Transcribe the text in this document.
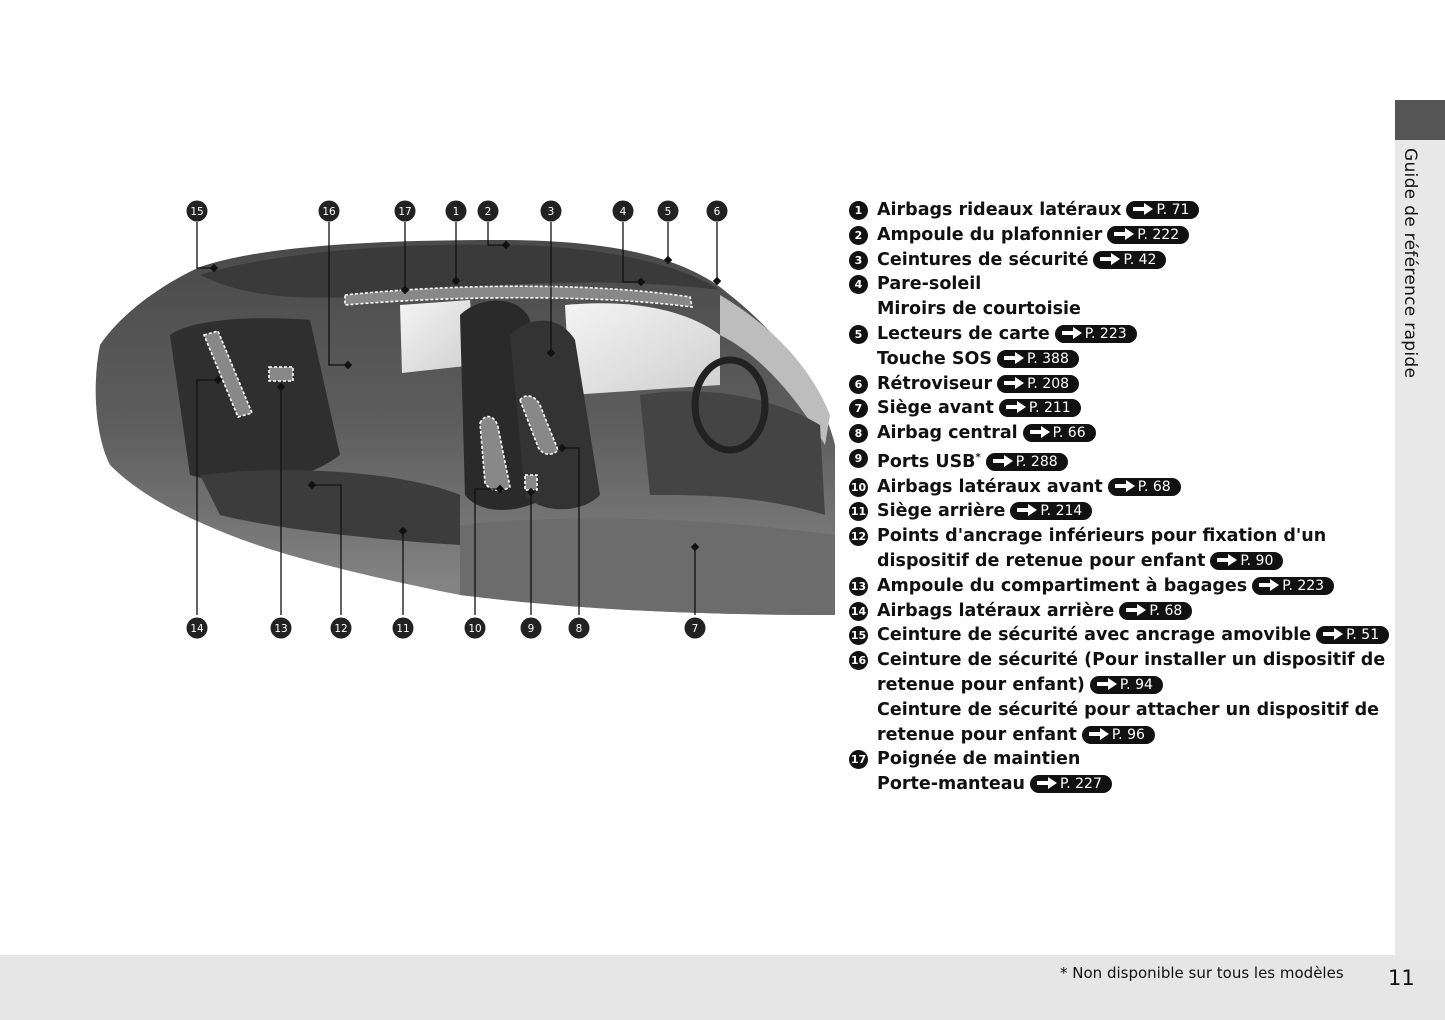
Guide de référence rapide
15	16	17	1 2	3	4	5	6
14	13	12	11	10	9	8	7
1 Airbags rideaux latéraux	P. 71
2 Ampoule du plafonnier	P. 222
3 Ceintures de sécurité	P. 42
4 Pare-soleil
Miroirs de courtoisie
5 Lecteurs de carte	P. 223
Touche SOS	P. 388
6 Rétroviseur	P. 208
7 Siège avant	P. 211
8 Airbag central	P. 66
9 Ports USB*	P. 288
10 Airbags latéraux avant	P. 68
11 Siège arrière	P. 214
12 Points d'ancrage inférieurs pour fixation d'un
dispositif de retenue pour enfant	P. 90
13 Ampoule du compartiment à bagages	P. 223
14 Airbags latéraux arrière	P. 68
15 Ceinture de sécurité avec ancrage amovible	P. 51
16 Ceinture de sécurité (Pour installer un dispositif de
retenue pour enfant)	P. 94
Ceinture de sécurité pour attacher un dispositif de
retenue pour enfant	P. 96
17 Poignée de maintien
Porte-manteau	P. 227
* Non disponible sur tous les modèles 11
